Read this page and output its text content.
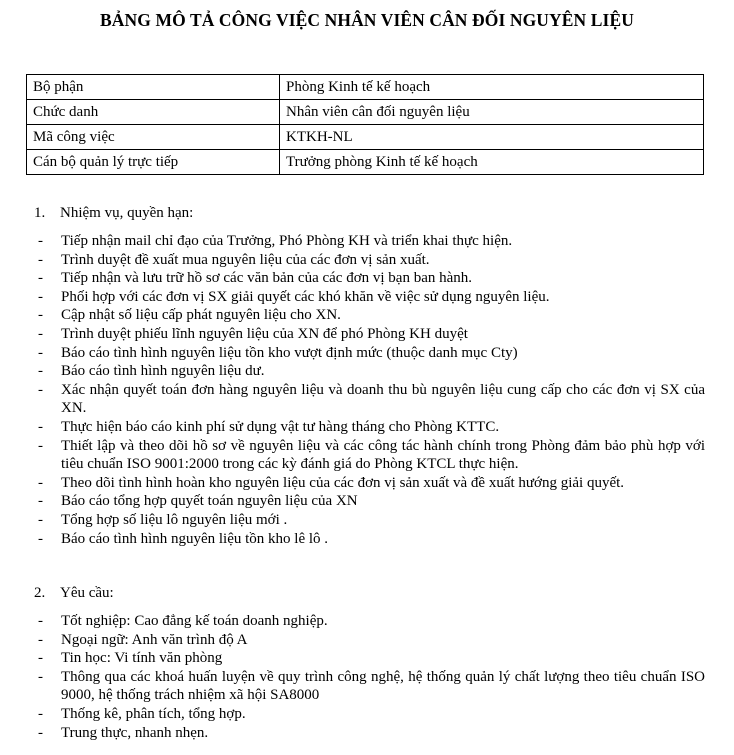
BẢNG MÔ TẢ CÔNG VIỆC NHÂN VIÊN CÂN ĐỐI NGUYÊN LIỆU
Bộ phận	Phòng Kinh tế kế hoạch
Chức danh	Nhân viên cân đối nguyên liệu
Mã công việc	KTKH-NL
Cán bộ quản lý trực tiếp	Trưởng phòng Kinh tế kế hoạch
1. Nhiệm vụ, quyền hạn:
- Tiếp nhận mail chỉ đạo của Trưởng, Phó Phòng KH và triển khai thực hiện.
- Trình duyệt đề xuất mua nguyên liệu của các đơn vị sản xuất.
- Tiếp nhận và lưu trữ hồ sơ các văn bản của các đơn vị bạn ban hành.
- Phối hợp với các đơn vị SX giải quyết các khó khăn về việc sử dụng nguyên liệu.
- Cập nhật số liệu cấp phát nguyên liệu cho XN.
- Trình duyệt phiếu lĩnh nguyên liệu của XN để phó Phòng KH duyệt
- Báo cáo tình hình nguyên liệu tồn kho vượt định mức (thuộc danh mục Cty)
- Báo cáo tình hình nguyên liệu dư.
- Xác nhận quyết toán đơn hàng nguyên liệu và doanh thu bù nguyên liệu cung cấp cho các đơn vị SX của XN.
- Thực hiện báo cáo kinh phí sử dụng vật tư hàng tháng cho Phòng KTTC.
- Thiết lập và theo dõi hồ sơ về nguyên liệu và các công tác hành chính trong Phòng đảm bảo phù hợp với tiêu chuẩn ISO 9001:2000 trong các kỳ đánh giá do Phòng KTCL thực hiện.
- Theo dõi tình hình hoàn kho nguyên liệu của các đơn vị sản xuất và đề xuất hướng giải quyết.
- Báo cáo tổng hợp quyết toán nguyên liệu của XN
- Tổng hợp số liệu lô nguyên liệu mới .
- Báo cáo tình hình nguyên liệu tồn kho lê lô .
2. Yêu cầu:
- Tốt nghiệp: Cao đẳng kế toán doanh nghiệp.
- Ngoại ngữ: Anh văn trình độ A
- Tin học: Vi tính văn phòng
- Thông qua các khoá huấn luyện về quy trình công nghệ, hệ thống quản lý chất lượng theo tiêu chuẩn ISO 9000, hệ thống trách nhiệm xã hội SA8000
- Thống kê, phân tích, tổng hợp.
- Trung thực, nhanh nhẹn.
